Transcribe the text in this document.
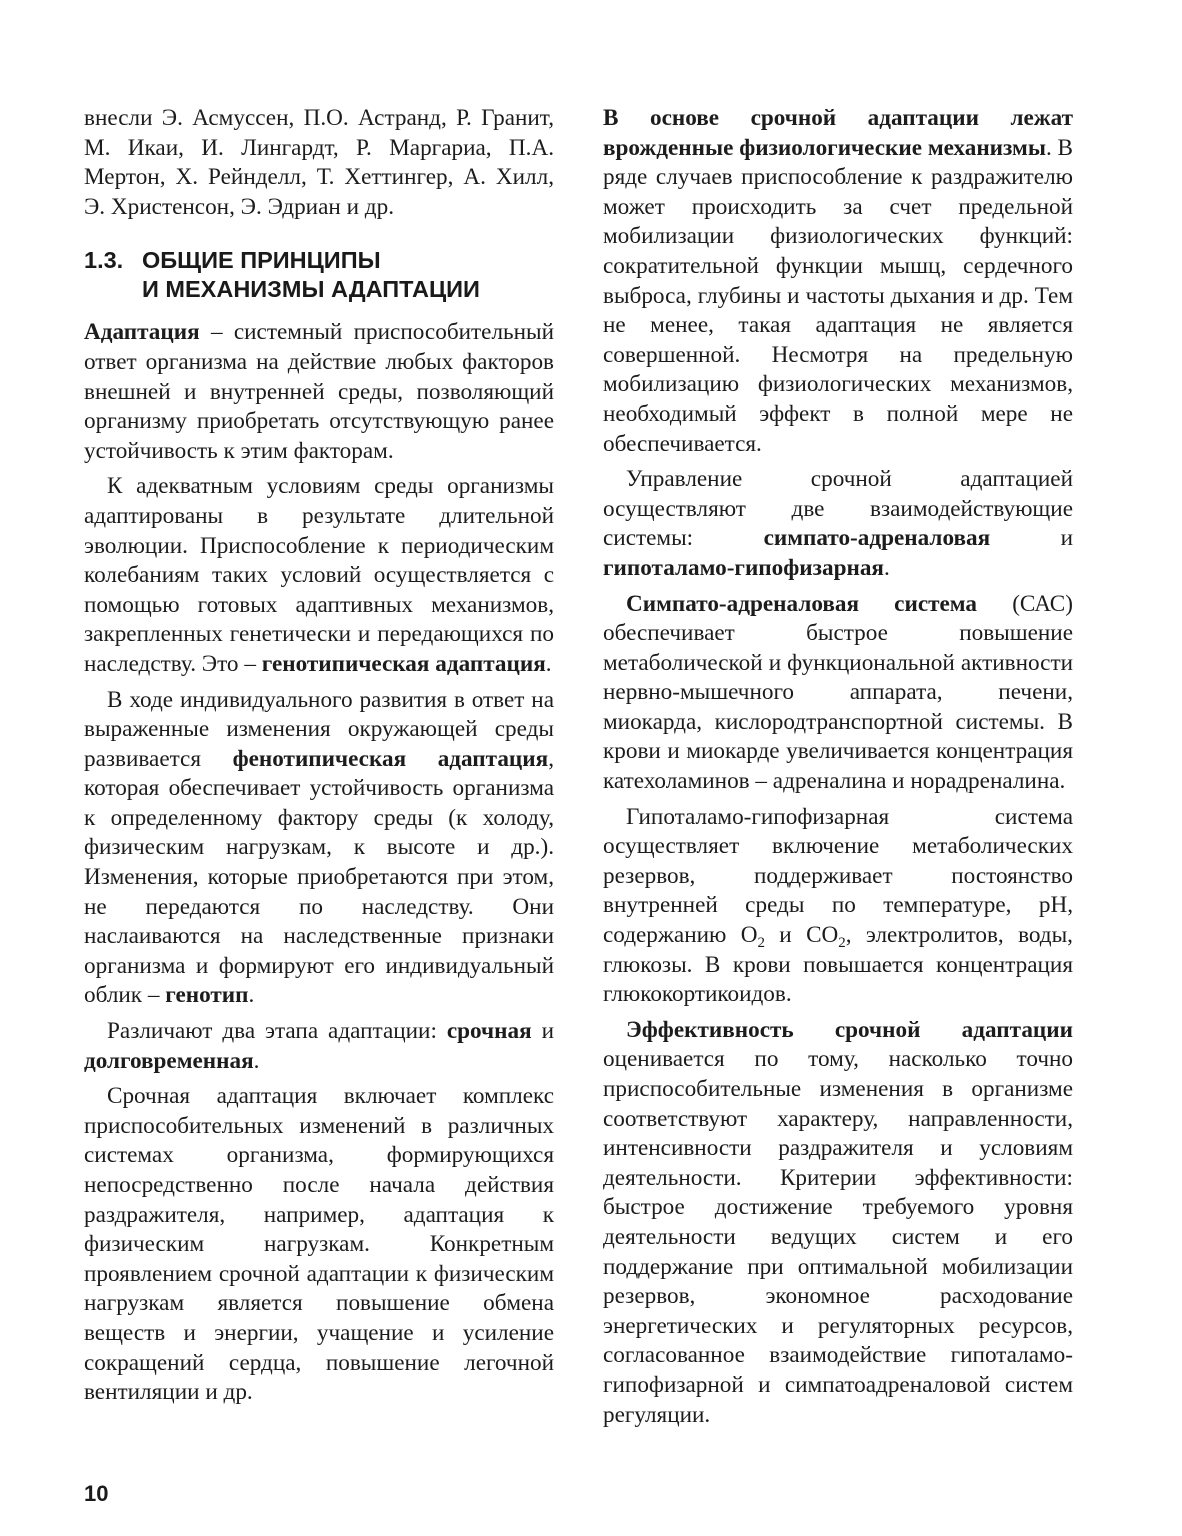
внесли Э. Асмуссен, П.О. Астранд, Р. Гранит, М. Икаи, И. Лингардт, Р. Маргариа, П.А. Мертон, Х. Рейнделл, Т. Хеттингер, А. Хилл, Э. Христенсон, Э. Эдриан и др.

1.3. ОБЩИЕ ПРИНЦИПЫ
И МЕХАНИЗМЫ АДАПТАЦИИ

Адаптация – системный приспособительный ответ организма на действие любых факторов внешней и внутренней среды, позволяющий организму приобретать отсутствующую ранее устойчивость к этим факторам.

К адекватным условиям среды организмы адаптированы в результате длительной эволюции. Приспособление к периодическим колебаниям таких условий осуществляется с помощью готовых адаптивных механизмов, закрепленных генетически и передающихся по наследству. Это – генотипическая адаптация.

В ходе индивидуального развития в ответ на выраженные изменения окружающей среды развивается фенотипическая адаптация, которая обеспечивает устойчивость организма к определенному фактору среды (к холоду, физическим нагрузкам, к высоте и др.). Изменения, которые приобретаются при этом, не передаются по наследству. Они наслаиваются на наследственные признаки организма и формируют его индивидуальный облик – генотип.

Различают два этапа адаптации: срочная и долговременная.

Срочная адаптация включает комплекс приспособительных изменений в различных системах организма, формирующихся непосредственно после начала действия раздражителя, например, адаптация к физическим нагрузкам. Конкретным проявлением срочной адаптации к физическим нагрузкам является повышение обмена веществ и энергии, учащение и усиление сокращений сердца, повышение легочной вентиляции и др.

В основе срочной адаптации лежат врожденные физиологические механизмы. В ряде случаев приспособление к раздражителю может происходить за счет предельной мобилизации физиологических функций: сократительной функции мышц, сердечного выброса, глубины и частоты дыхания и др. Тем не менее, такая адаптация не является совершенной. Несмотря на предельную мобилизацию физиологических механизмов, необходимый эффект в полной мере не обеспечивается.

Управление срочной адаптацией осуществляют две взаимодействующие системы: симпато-адреналовая и гипоталамо-гипофизарная.

Симпато-адреналовая система (САС) обеспечивает быстрое повышение метаболической и функциональной активности нервно-мышечного аппарата, печени, миокарда, кислородтранспортной системы. В крови и миокарде увеличивается концентрация катехоламинов – адреналина и норадреналина.

Гипоталамо-гипофизарная система осуществляет включение метаболических резервов, поддерживает постоянство внутренней среды по температуре, pH, содержанию $O_2$ и $CO_2$, электролитов, воды, глюкозы. В крови повышается концентрация глюкокортикоидов.

Эффективность срочной адаптации оценивается по тому, насколько точно приспособительные изменения в организме соответствуют характеру, направленности, интенсивности раздражителя и условиям деятельности. Критерии эффективности: быстрое достижение требуемого уровня деятельности ведущих систем и его поддержание при оптимальной мобилизации резервов, экономное расходование энергетических и регуляторных ресурсов, согласованное взаимодействие гипоталамо-гипофизарной и симпатоадреналовой систем регуляции.

10
